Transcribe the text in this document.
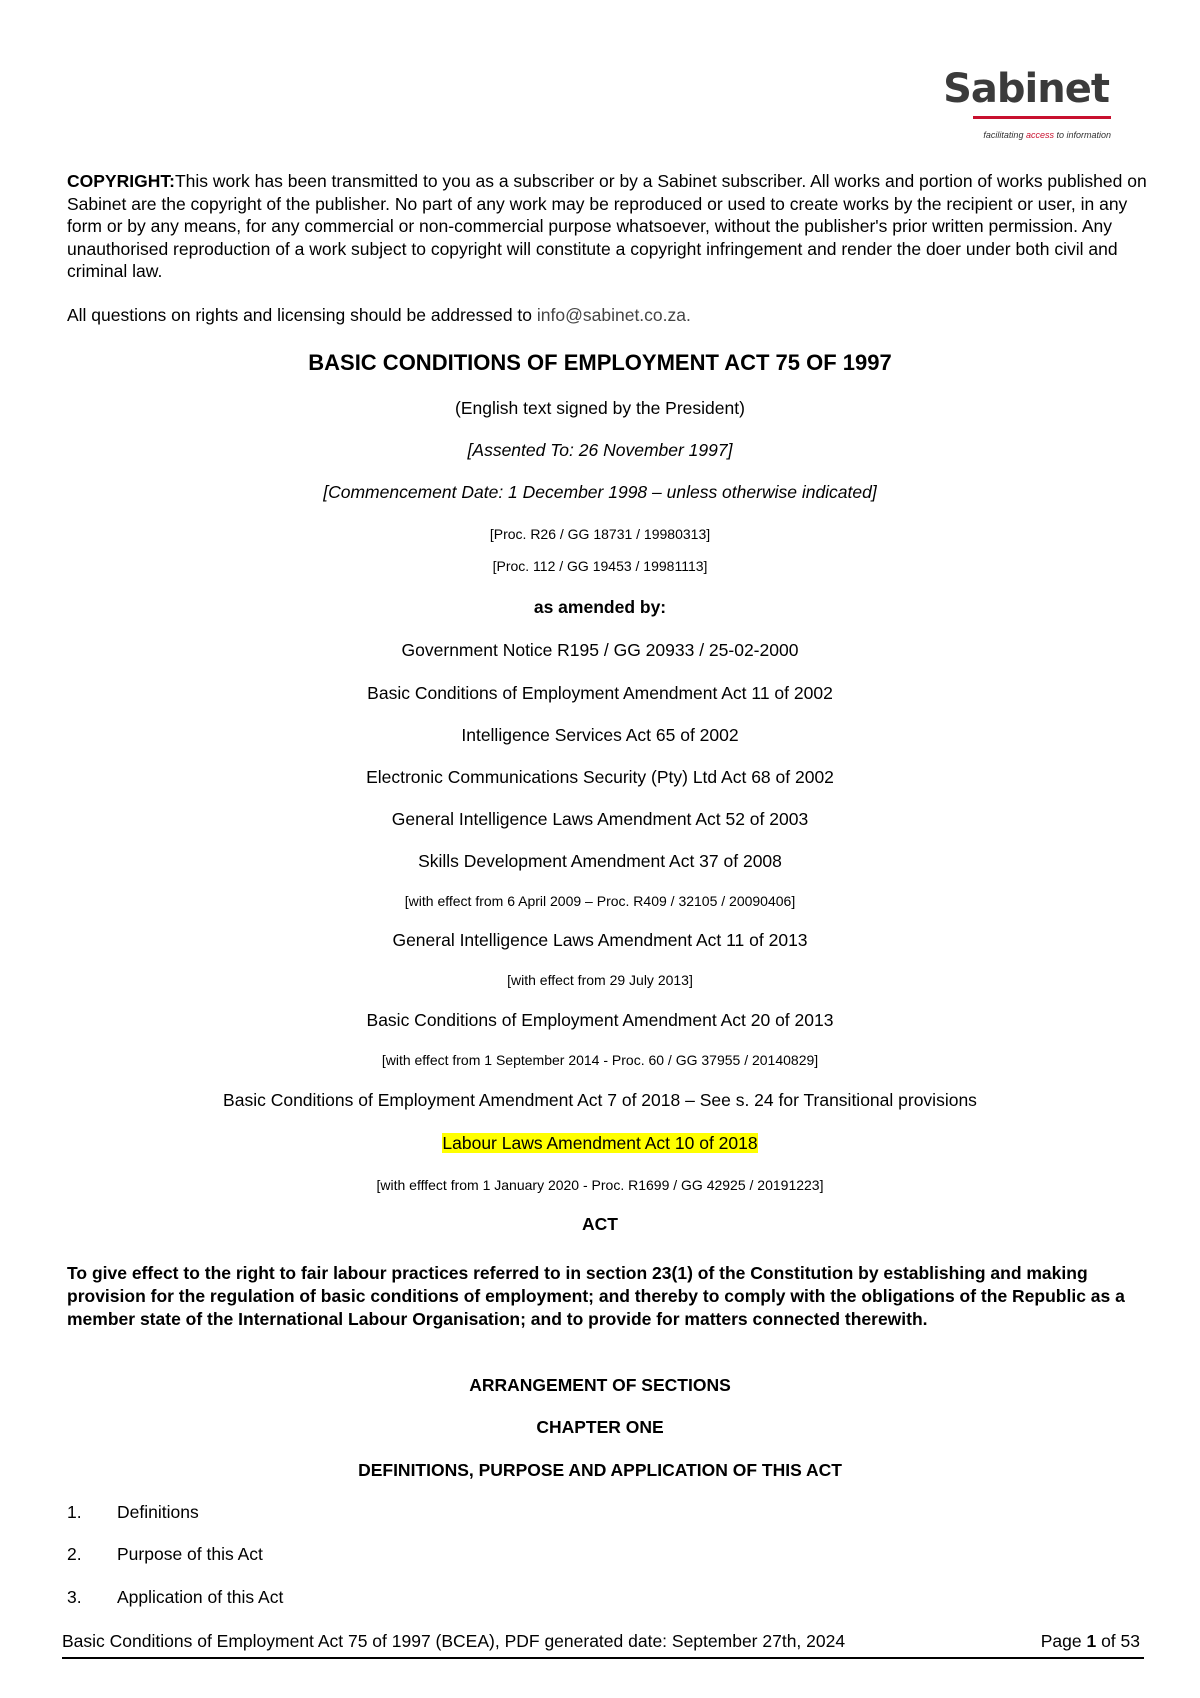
Sabinet
facilitating access to information
COPYRIGHT:This work has been transmitted to you as a subscriber or by a Sabinet subscriber. All works and portion of works published on Sabinet are the copyright of the publisher. No part of any work may be reproduced or used to create works by the recipient or user, in any form or by any means, for any commercial or non-commercial purpose whatsoever, without the publisher's prior written permission. Any unauthorised reproduction of a work subject to copyright will constitute a copyright infringement and render the doer under both civil and criminal law.
All questions on rights and licensing should be addressed to info@sabinet.co.za.
BASIC CONDITIONS OF EMPLOYMENT ACT 75 OF 1997
(English text signed by the President)
[Assented To: 26 November 1997]
[Commencement Date: 1 December 1998 – unless otherwise indicated]
[Proc. R26 / GG 18731 / 19980313]
[Proc. 112 / GG 19453 / 19981113]
as amended by:
Government Notice R195 / GG 20933 / 25-02-2000
Basic Conditions of Employment Amendment Act 11 of 2002
Intelligence Services Act 65 of 2002
Electronic Communications Security (Pty) Ltd Act 68 of 2002
General Intelligence Laws Amendment Act 52 of 2003
Skills Development Amendment Act 37 of 2008
[with effect from 6 April 2009 – Proc. R409 / 32105 / 20090406]
General Intelligence Laws Amendment Act 11 of 2013
[with effect from 29 July 2013]
Basic Conditions of Employment Amendment Act 20 of 2013
[with effect from 1 September 2014 - Proc. 60 / GG 37955 / 20140829]
Basic Conditions of Employment Amendment Act 7 of 2018 – See s. 24 for Transitional provisions
Labour Laws Amendment Act 10 of 2018
[with efffect from 1 January 2020 - Proc. R1699 / GG 42925 / 20191223]
ACT
To give effect to the right to fair labour practices referred to in section 23(1) of the Constitution by establishing and making provision for the regulation of basic conditions of employment; and thereby to comply with the obligations of the Republic as a member state of the International Labour Organisation; and to provide for matters connected therewith.
ARRANGEMENT OF SECTIONS
CHAPTER ONE
DEFINITIONS, PURPOSE AND APPLICATION OF THIS ACT
1. Definitions
2. Purpose of this Act
3. Application of this Act
Basic Conditions of Employment Act 75 of 1997 (BCEA), PDF generated date: September 27th, 2024	Page 1 of 53
